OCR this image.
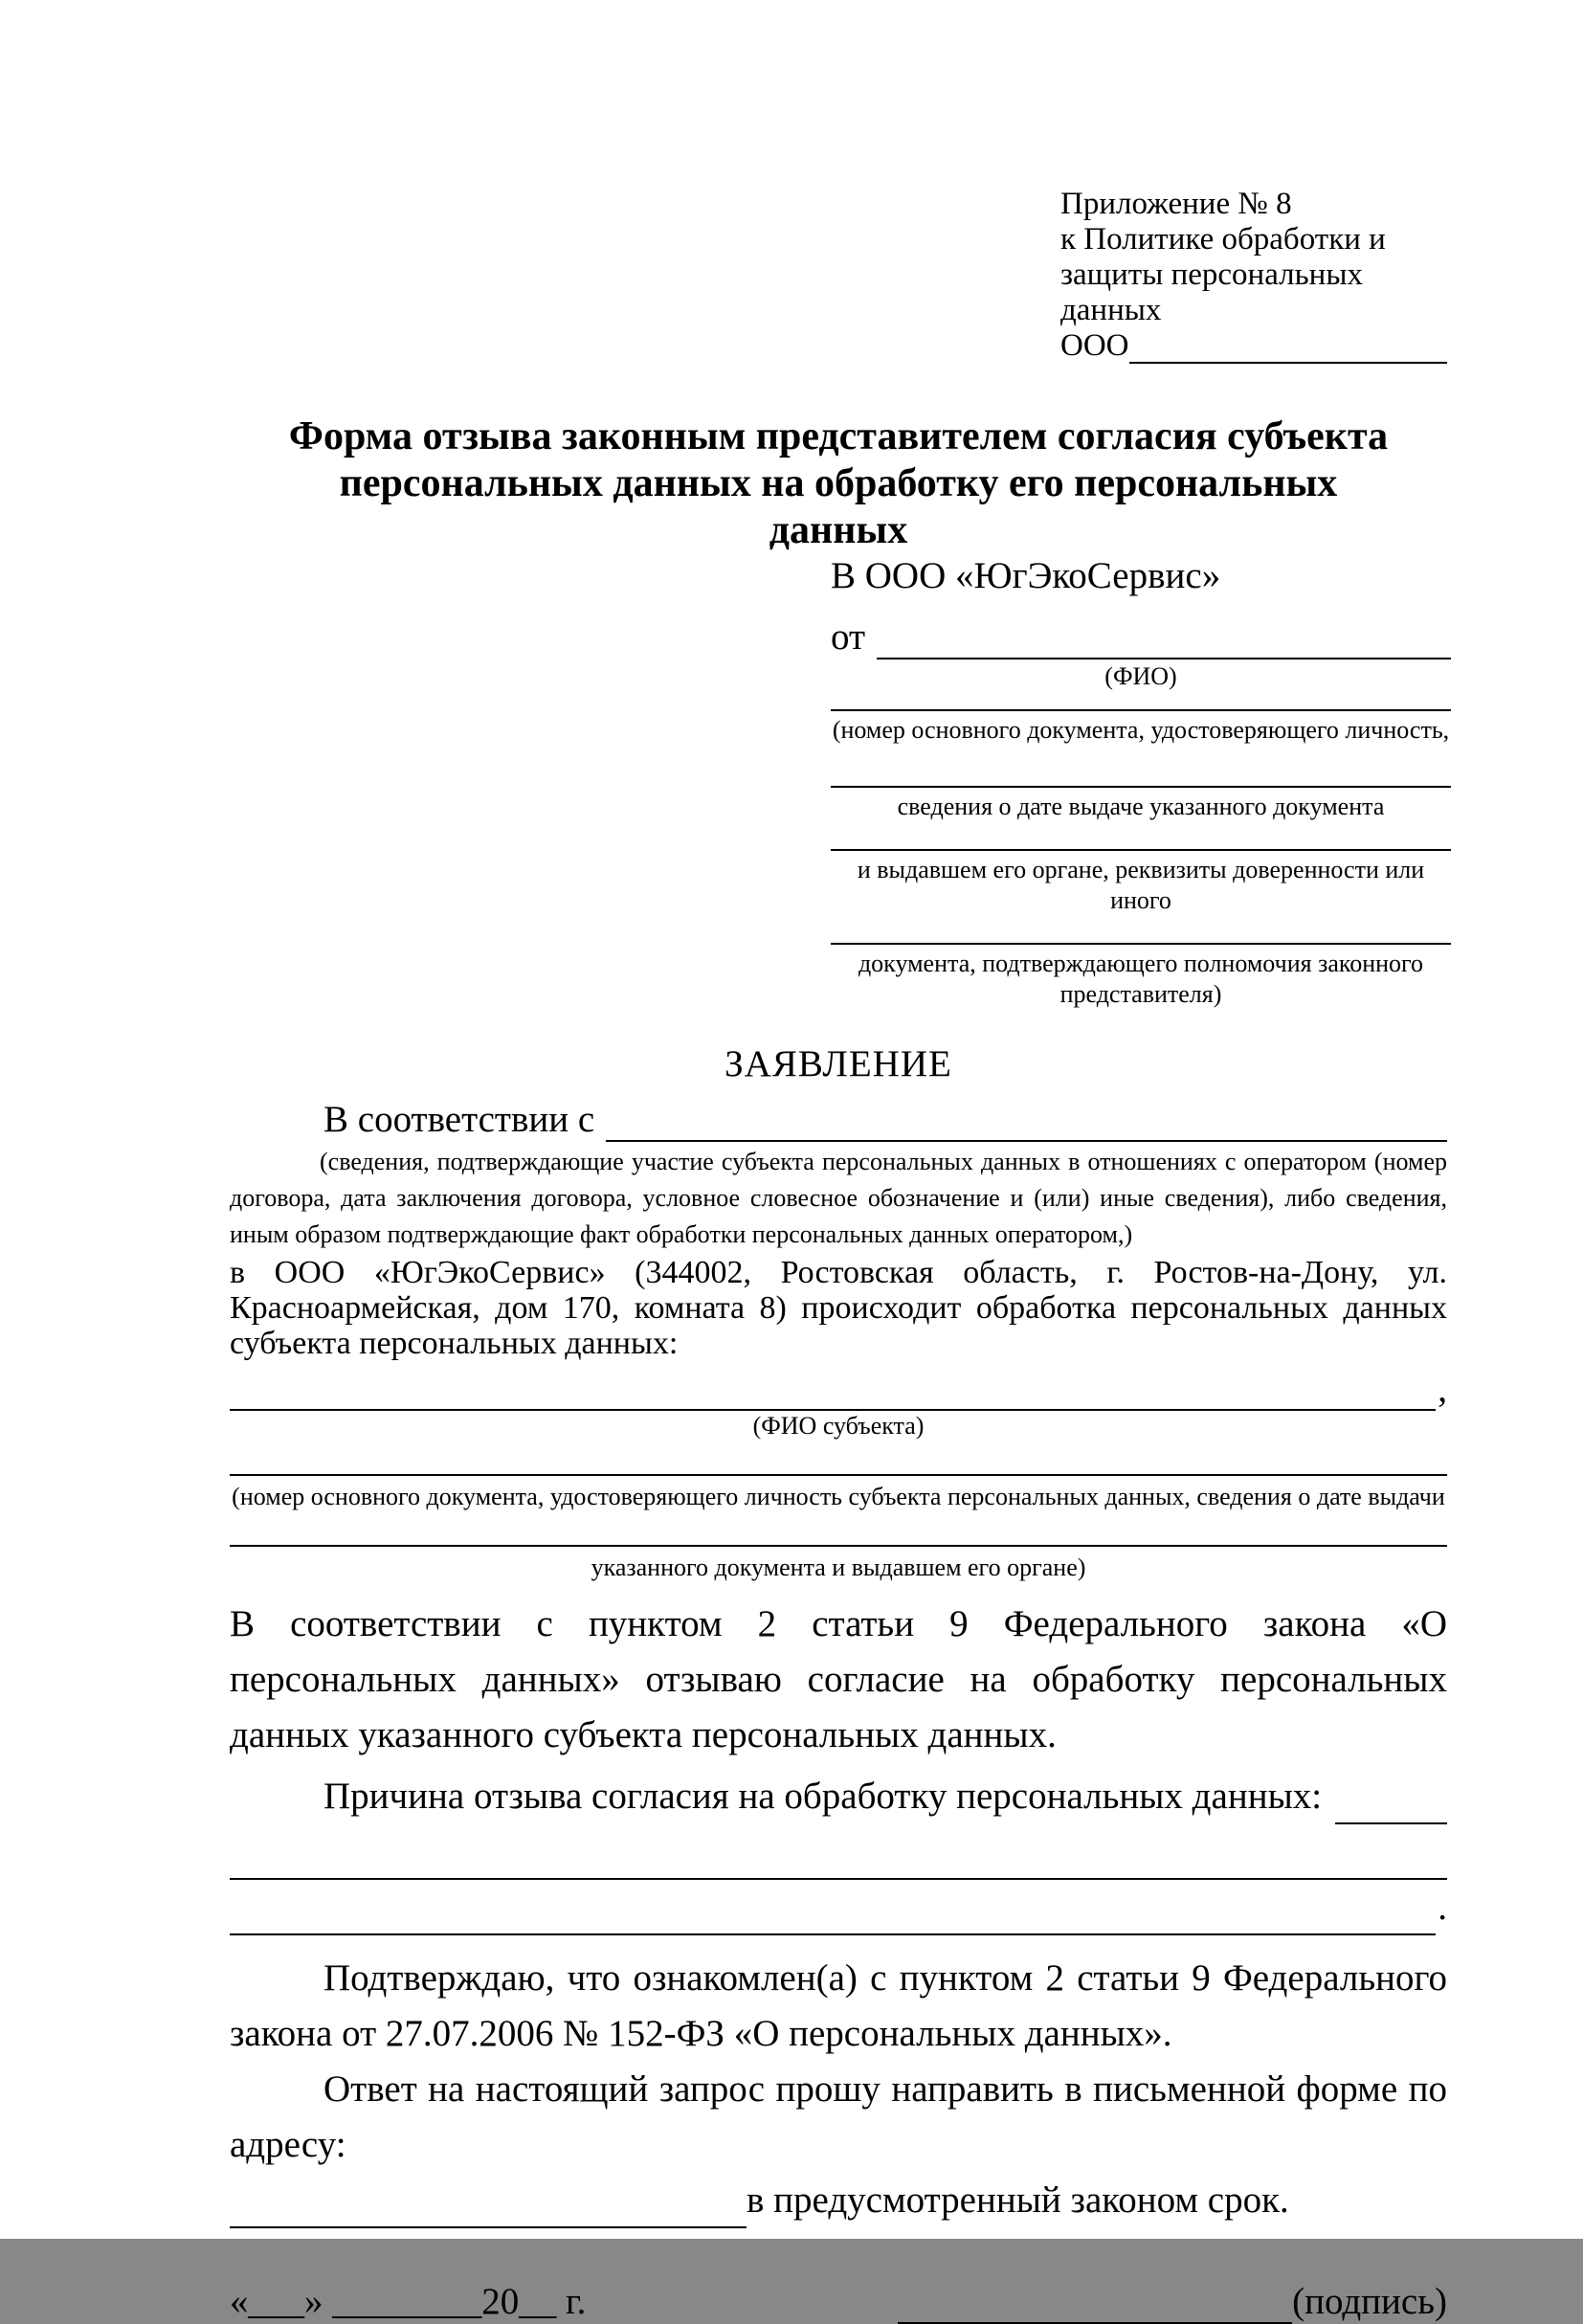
Приложение № 8
к Политике обработки и
защиты персональных данных
ООО
Форма отзыва законным представителем согласия субъекта персональных данных на обработку его персональных данных
В ООО «ЮгЭкоСервис»
от
(ФИО)
(номер основного документа, удостоверяющего личность,
сведения о дате выдаче указанного документа
и выдавшем его органе, реквизиты доверенности или иного
документа, подтверждающего полномочия законного представителя)
ЗАЯВЛЕНИЕ
В соответствии с
(сведения, подтверждающие участие субъекта персональных данных в отношениях с оператором (номер договора, дата заключения договора, условное словесное обозначение и (или) иные сведения), либо сведения, иным образом подтверждающие факт обработки персональных данных оператором,)
в ООО «ЮгЭкоСервис» (344002, Ростовская область, г. Ростов-на-Дону, ул. Красноармейская, дом 170, комната 8) происходит обработка персональных данных субъекта персональных данных:
,
(ФИО субъекта)
(номер основного документа, удостоверяющего личность субъекта персональных данных, сведения о дате выдачи
указанного документа и выдавшем его органе)
В соответствии с пунктом 2 статьи 9 Федерального закона «О персональных данных» отзываю согласие на обработку персональных данных указанного субъекта персональных данных.
Причина отзыва согласия на обработку персональных данных:
.
Подтверждаю, что ознакомлен(а) с пунктом 2 статьи 9 Федерального закона от 27.07.2006 № 152-ФЗ «О персональных данных».
Ответ на настоящий запрос прошу направить в письменной форме по адресу:
в предусмотренный законом срок.
«___» ________20__ г.	(подпись)
